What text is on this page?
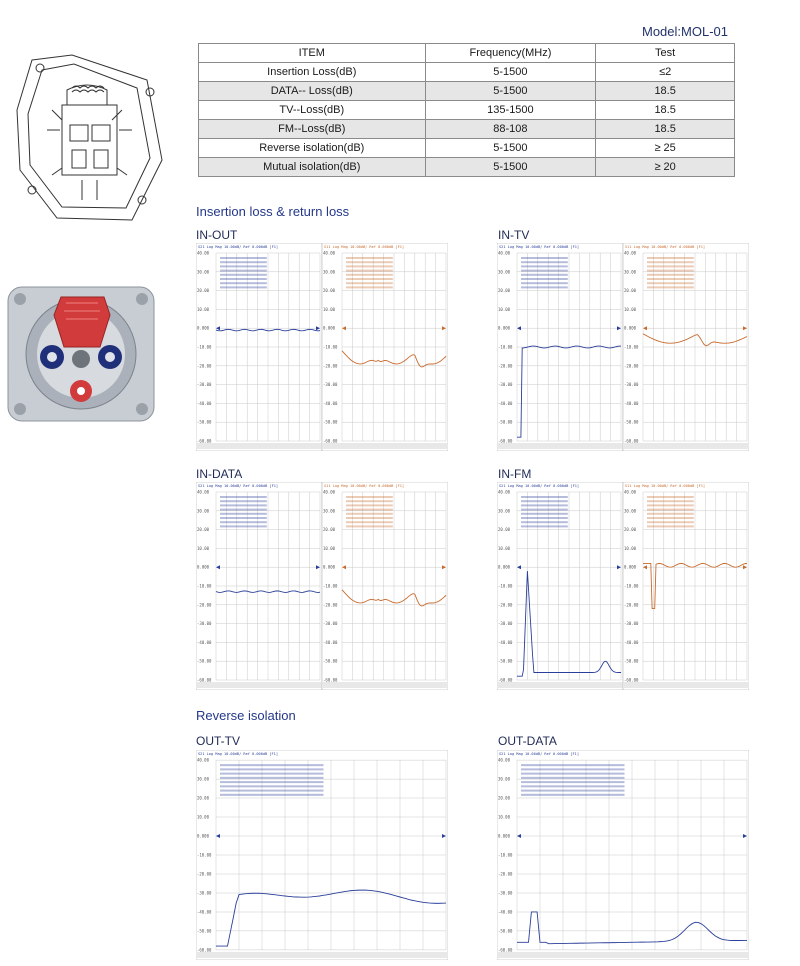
Model:MOL-01
ITEM	Frequency(MHz)	Test
Insertion Loss(dB)	5-1500	≤2
DATA-- Loss(dB)	5-1500	18.5
TV--Loss(dB)	135-1500	18.5
FM--Loss(dB)	88-108	18.5
Reverse isolation(dB)	5-1500	≥ 25
Mutual isolation(dB)	5-1500	≥ 20
Insertion loss & return loss
IN-OUT	IN-TV
IN-DATA	IN-FM
Reverse isolation
OUT-TV	OUT-DATA
S21 Log Mag 10.00dB/ Ref 0.000dB [F1]
40.00
30.00
20.00
10.00
0.000
-10.00
-20.00
-30.00
-40.00
-50.00
-60.00
S11 Log Mag 10.00dB/ Ref 0.000dB [F1]
40.00
30.00
20.00
10.00
0.000
-10.00
-20.00
-30.00
-40.00
-50.00
-60.00
S21 Log Mag 10.00dB/ Ref 0.000dB [F1]
40.00
30.00
20.00
10.00
0.000
-10.00
-20.00
-30.00
-40.00
-50.00
-60.00
S11 Log Mag 10.00dB/ Ref 0.000dB [F1]
40.00
30.00
20.00
10.00
0.000
-10.00
-20.00
-30.00
-40.00
-50.00
-60.00
S21 Log Mag 10.00dB/ Ref 0.000dB [F1]
40.00
30.00
20.00
10.00
0.000
-10.00
-20.00
-30.00
-40.00
-50.00
-60.00
S11 Log Mag 10.00dB/ Ref 0.000dB [F1]
40.00
30.00
20.00
10.00
0.000
-10.00
-20.00
-30.00
-40.00
-50.00
-60.00
S21 Log Mag 10.00dB/ Ref 0.000dB [F1]
40.00
30.00
20.00
10.00
0.000
-10.00
-20.00
-30.00
-40.00
-50.00
-60.00
S11 Log Mag 10.00dB/ Ref 0.000dB [F1]
40.00
30.00
20.00
10.00
0.000
-10.00
-20.00
-30.00
-40.00
-50.00
-60.00
S21 Log Mag 10.00dB/ Ref 0.000dB [F1]
40.00
30.00
20.00
10.00
0.000
-10.00
-20.00
-30.00
-40.00
-50.00
-60.00
S21 Log Mag 10.00dB/ Ref 0.000dB [F1]
40.00
30.00
20.00
10.00
0.000
-10.00
-20.00
-30.00
-40.00
-50.00
-60.00
